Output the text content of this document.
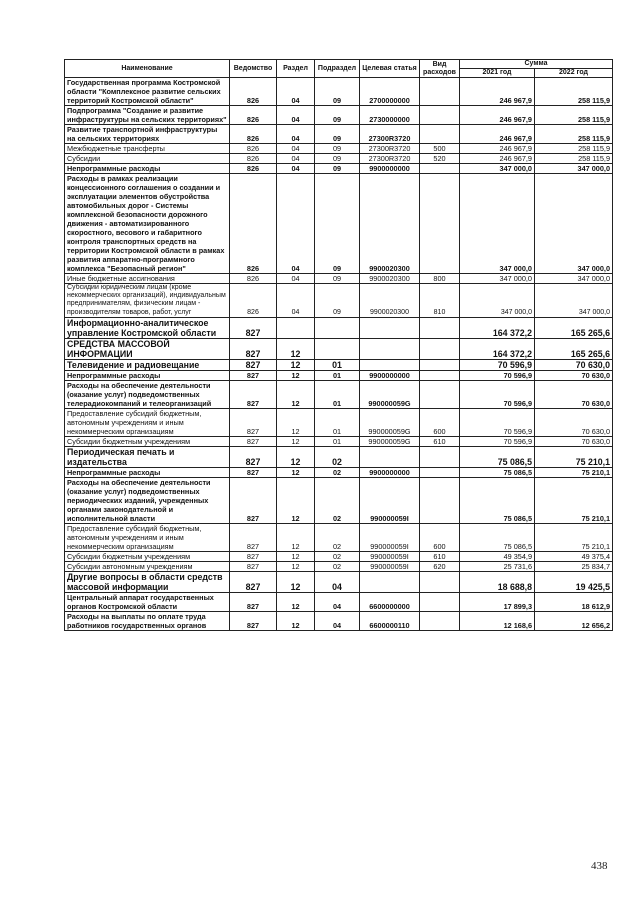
Наименование	Ведомство	Раздел	Подраздел	Целевая статья	Вид расходов	Сумма	
						2021 год	2022 год
Государственная программа Костромской области "Комплексное развитие сельских территорий Костромской области"	826	04	09	2700000000		246 967,9	258 115,9
Подпрограмма "Создание и развитие инфраструктуры на сельских территориях"	826	04	09	2730000000		246 967,9	258 115,9
Развитие транспортной инфраструктуры на сельских территориях	826	04	09	27300R3720		246 967,9	258 115,9
Межбюджетные трансферты	826	04	09	27300R3720	500	246 967,9	258 115,9
Субсидии	826	04	09	27300R3720	520	246 967,9	258 115,9
Непрограммные расходы	826	04	09	9900000000		347 000,0	347 000,0
Расходы в рамках реализации концессионного соглашения о создании и эксплуатации элементов обустройства автомобильных дорог - Системы комплексной безопасности дорожного движения - автоматизированного скоростного, весового и габаритного контроля транспортных средств на территории Костромской области в рамках развития аппаратно-программного комплекса "Безопасный регион"	826	04	09	9900020300		347 000,0	347 000,0
Иные бюджетные ассигнования	826	04	09	9900020300	800	347 000,0	347 000,0
Субсидии юридическим лицам (кроме некоммерческих организаций), индивидуальным предпринимателям, физическим лицам - производителям товаров, работ, услуг	826	04	09	9900020300	810	347 000,0	347 000,0
Информационно-аналитическое управление Костромской области	827					164 372,2	165 265,6
СРЕДСТВА МАССОВОЙ ИНФОРМАЦИИ	827	12				164 372,2	165 265,6
Телевидение и радиовещание	827	12	01			70 596,9	70 630,0
Непрограммные расходы	827	12	01	9900000000		70 596,9	70 630,0
Расходы на обеспечение деятельности (оказание услуг) подведомственных телерадиокомпаний и телеорганизаций	827	12	01	990000059G		70 596,9	70 630,0
Предоставление субсидий бюджетным, автономным учреждениям и иным некоммерческим организациям	827	12	01	990000059G	600	70 596,9	70 630,0
Субсидии бюджетным учреждениям	827	12	01	990000059G	610	70 596,9	70 630,0
Периодическая печать и издательства	827	12	02			75 086,5	75 210,1
Непрограммные расходы	827	12	02	9900000000		75 086,5	75 210,1
Расходы на обеспечение деятельности (оказание услуг) подведомственных периодических изданий, учрежденных органами законодательной и исполнительной власти	827	12	02	990000059I		75 086,5	75 210,1
Предоставление субсидий бюджетным, автономным учреждениям и иным некоммерческим организациям	827	12	02	990000059I	600	75 086,5	75 210,1
Субсидии бюджетным учреждениям	827	12	02	990000059I	610	49 354,9	49 375,4
Субсидии автономным учреждениям	827	12	02	990000059I	620	25 731,6	25 834,7
Другие вопросы в области средств массовой информации	827	12	04			18 688,8	19 425,5
Центральный аппарат государственных органов Костромской области	827	12	04	6600000000		17 899,3	18 612,9
Расходы на выплаты по оплате труда работников государственных органов	827	12	04	6600000110		12 168,6	12 656,2
438
